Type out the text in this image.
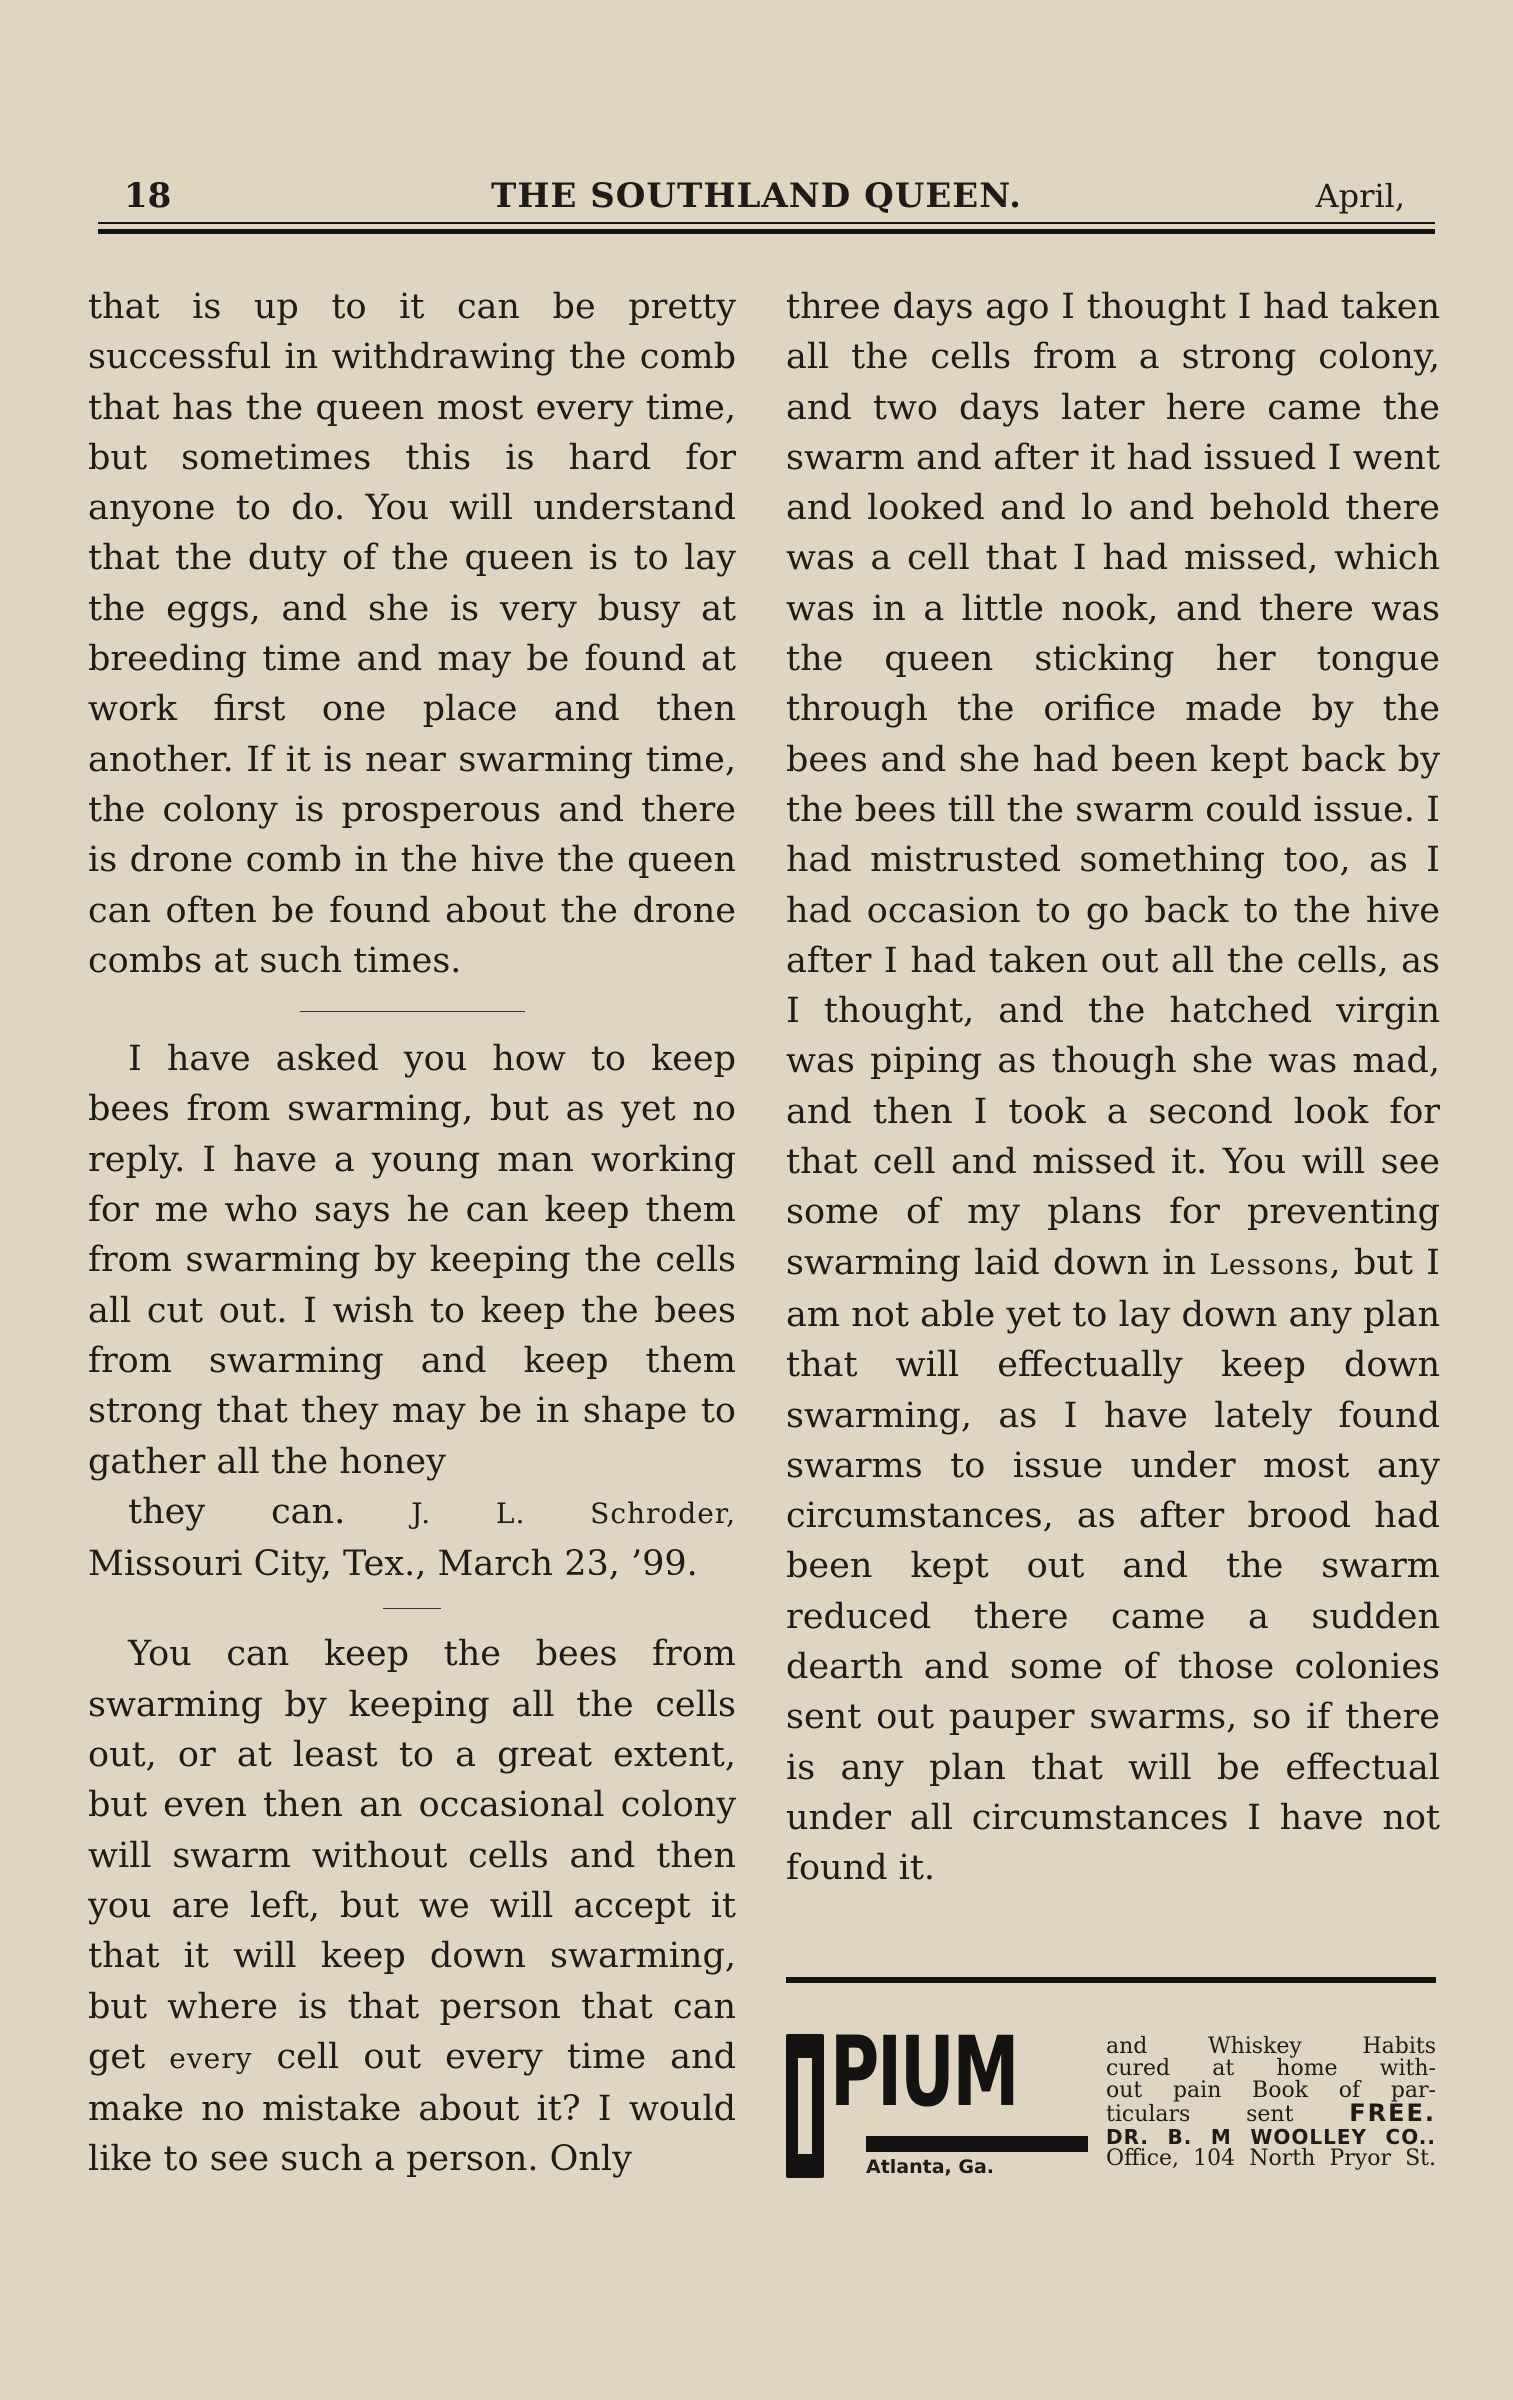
18	THE SOUTHLAND QUEEN.	April,

that is up to it can be pretty successful in withdrawing the comb that has the queen most every time, but sometimes this is hard for anyone to do. You will understand that the duty of the queen is to lay the eggs, and she is very busy at breeding time and may be found at work first one place and then another. If it is near swarming time, the colony is prosperous and there is drone comb in the hive the queen can often be found about the drone combs at such times.

I have asked you how to keep bees from swarming, but as yet no reply. I have a young man working for me who says he can keep them from swarming by keeping the cells all cut out. I wish to keep the bees from swarming and keep them strong that they may be in shape to gather all the honey
they can. J. L. Schroder,
Missouri City, Tex., March 23, ’99.

You can keep the bees from swarming by keeping all the cells out, or at least to a great extent, but even then an occasional colony will swarm without cells and then you are left, but we will accept it that it will keep down swarming, but where is that person that can get every cell out every time and make no mistake about it? I would like to see such a person. Only

three days ago I thought I had taken all the cells from a strong colony, and two days later here came the swarm and after it had issued I went and looked and lo and behold there was a cell that I had missed, which was in a little nook, and there was the queen sticking her tongue through the orifice made by the bees and she had been kept back by the bees till the swarm could issue. I had mistrusted something too, as I had occasion to go back to the hive after I had taken out all the cells, as I thought, and the hatched virgin was piping as though she was mad, and then I took a second look for that cell and missed it. You will see some of my plans for preventing swarming laid down in Lessons, but I am not able yet to lay down any plan that will effectually keep down swarming, as I have lately found swarms to issue under most any circumstances, as after brood had been kept out and the swarm reduced there came a sudden dearth and some of those colonies sent out pauper swarms, so if there is any plan that will be effectual under all circumstances I have not found it.

PIUM
Atlanta, Ga.
and Whiskey Habits
cured at home with-
out pain Book of par-
ticulars sent FREE.
DR. B. M WOOLLEY CO..
Office, 104 North Pryor St.
